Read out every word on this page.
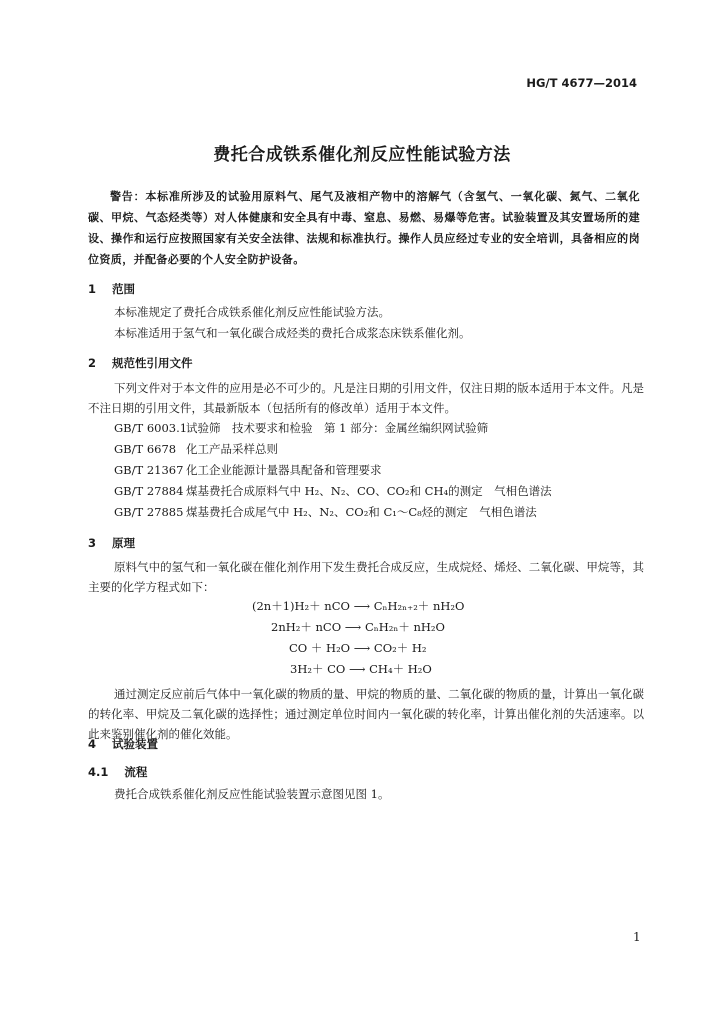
HG/T 4677—2014
费托合成铁系催化剂反应性能试验方法
警告：本标准所涉及的试验用原料气、尾气及液相产物中的溶解气（含氢气、一氧化碳、氮气、二氧化碳、甲烷、气态烃类等）对人体健康和安全具有中毒、窒息、易燃、易爆等危害。试验装置及其安置场所的建设、操作和运行应按照国家有关安全法律、法规和标准执行。操作人员应经过专业的安全培训，具备相应的岗位资质，并配备必要的个人安全防护设备。
1 范围
本标准规定了费托合成铁系催化剂反应性能试验方法。
本标准适用于氢气和一氧化碳合成烃类的费托合成浆态床铁系催化剂。
2 规范性引用文件
下列文件对于本文件的应用是必不可少的。凡是注日期的引用文件，仅注日期的版本适用于本文件。凡是不注日期的引用文件，其最新版本（包括所有的修改单）适用于本文件。
GB/T 6003.1试验筛　技术要求和检验　第 1 部分：金属丝编织网试验筛
GB/T 6678 化工产品采样总则
GB/T 21367 化工企业能源计量器具配备和管理要求
GB/T 27884 煤基费托合成原料气中 H₂、N₂、CO、CO₂和 CH₄的测定　气相色谱法
GB/T 27885 煤基费托合成尾气中 H₂、N₂、CO₂和 C₁～C₈烃的测定　气相色谱法
3 原理
原料气中的氢气和一氧化碳在催化剂作用下发生费托合成反应，生成烷烃、烯烃、二氧化碳、甲烷等，其主要的化学方程式如下：
(2n＋1)H₂＋ nCO ⟶ CₙH₂ₙ₊₂＋ nH₂O
2nH₂＋ nCO ⟶ CₙH₂ₙ＋ nH₂O
CO ＋ H₂O ⟶ CO₂＋ H₂
3H₂＋ CO ⟶ CH₄＋ H₂O
通过测定反应前后气体中一氧化碳的物质的量、甲烷的物质的量、二氧化碳的物质的量，计算出一氧化碳的转化率、甲烷及二氧化碳的选择性；通过测定单位时间内一氧化碳的转化率，计算出催化剂的失活速率。以此来鉴别催化剂的催化效能。
4 试验装置
4.1 流程
费托合成铁系催化剂反应性能试验装置示意图见图 1。
1
